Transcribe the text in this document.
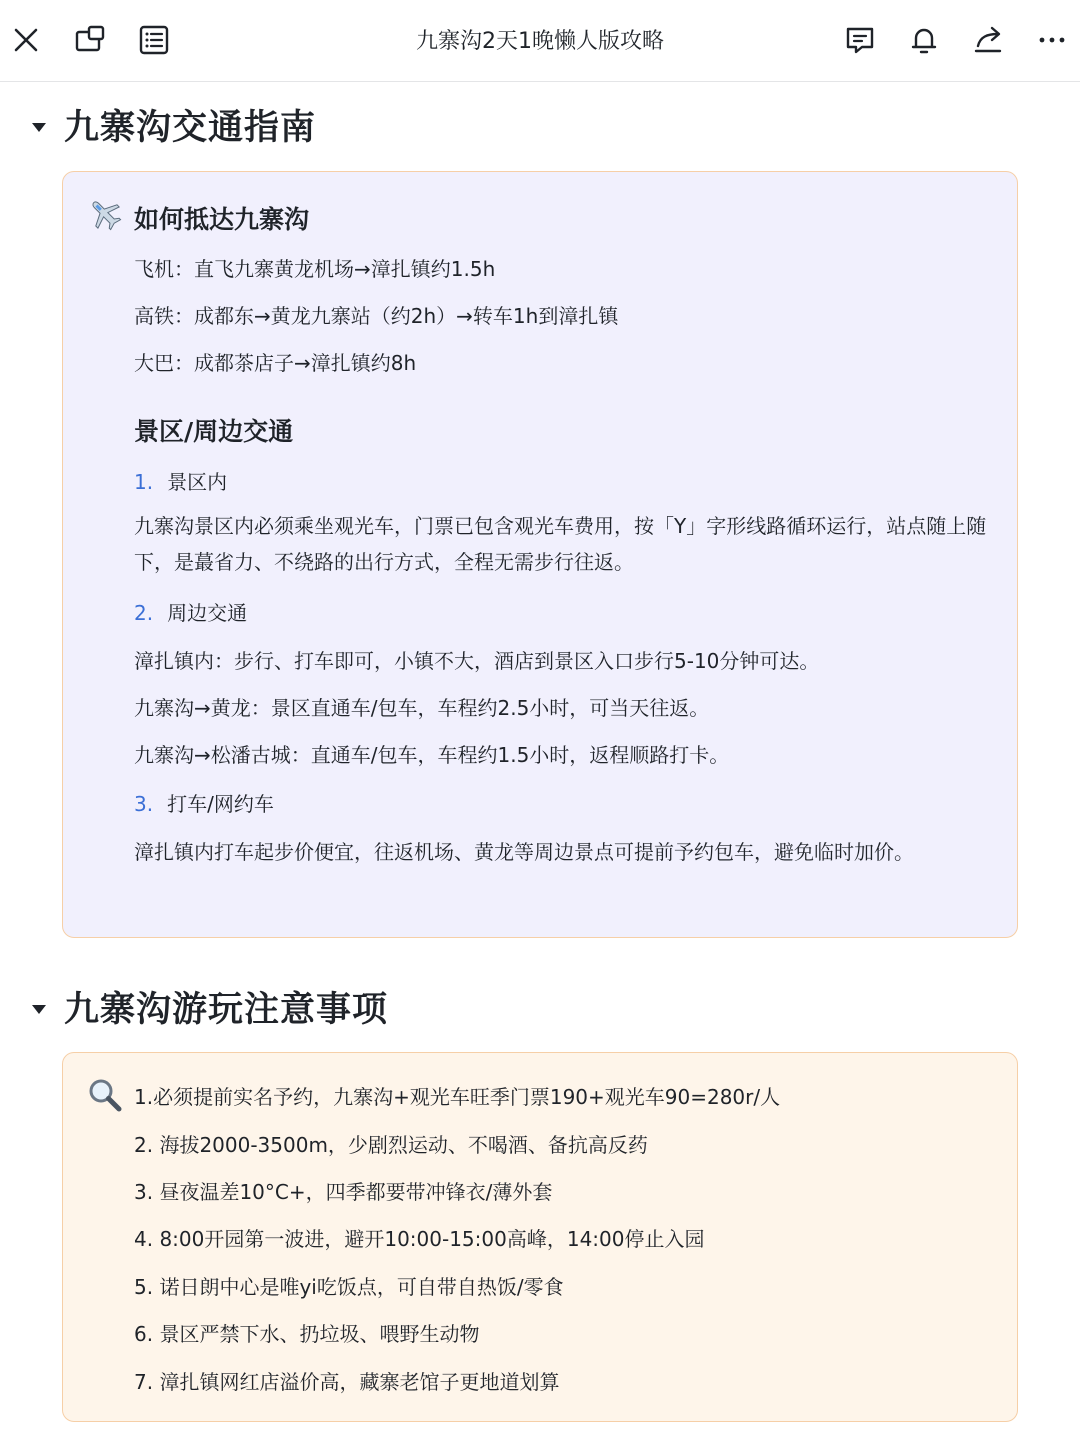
九寨沟2天1晚懒人版攻略
九寨沟交通指南
如何抵达九寨沟
飞机：直飞九寨黄龙机场→漳扎镇约1.5h
高铁：成都东→黄龙九寨站（约2h）→转车1h到漳扎镇
大巴：成都茶店子→漳扎镇约8h
景区/周边交通
1. 景区内
九寨沟景区内必须乘坐观光车，门票已包含观光车费用，按「Y」字形线路循环运行，站点随上随下，是蕞省力、不绕路的出行方式，全程无需步行往返。
2. 周边交通
漳扎镇内：步行、打车即可，小镇不大，酒店到景区入口步行5-10分钟可达。
九寨沟→黄龙：景区直通车/包车，车程约2.5小时，可当天往返。
九寨沟→松潘古城：直通车/包车，车程约1.5小时，返程顺路打卡。
3. 打车/网约车
漳扎镇内打车起步价便宜，往返机场、黄龙等周边景点可提前予约包车，避免临时加价。
九寨沟游玩注意事项
1.必须提前实名予约，九寨沟+观光车旺季门票190+观光车90=280r/人
2. 海拔2000-3500m，少剧烈运动、不喝酒、备抗高反药
3. 昼夜温差10°C+，四季都要带冲锋衣/薄外套
4. 8:00开园第一波进，避开10:00-15:00高峰，14:00停止入园
5. 诺日朗中心是唯yi吃饭点，可自带自热饭/零食
6. 景区严禁下水、扔垃圾、喂野生动物
7. 漳扎镇网红店溢价高，藏寨老馆子更地道划算
